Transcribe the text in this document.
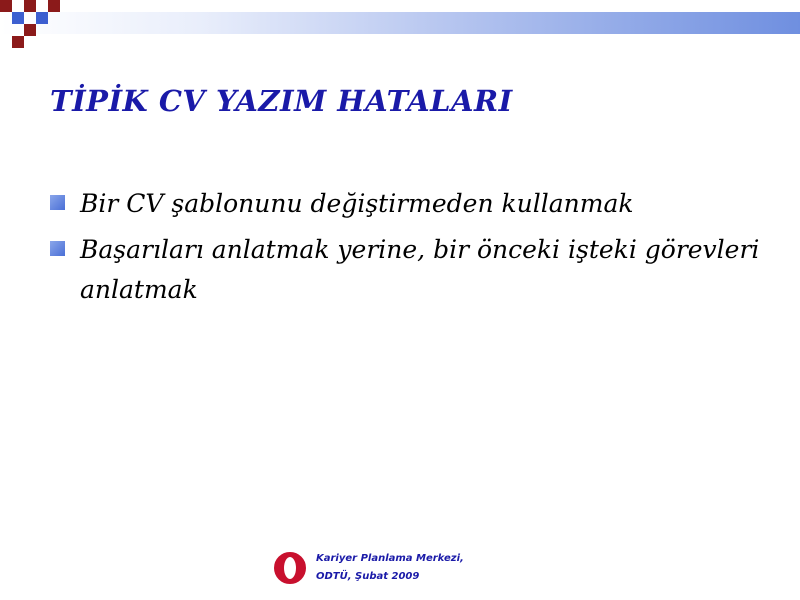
TİPİK CV YAZIM HATALARI
Bir CV şablonunu değiştirmeden kullanmak
Başarıları anlatmak yerine, bir önceki işteki görevleri anlatmak
Kariyer Planlama Merkezi,
ODTÜ, Şubat 2009
